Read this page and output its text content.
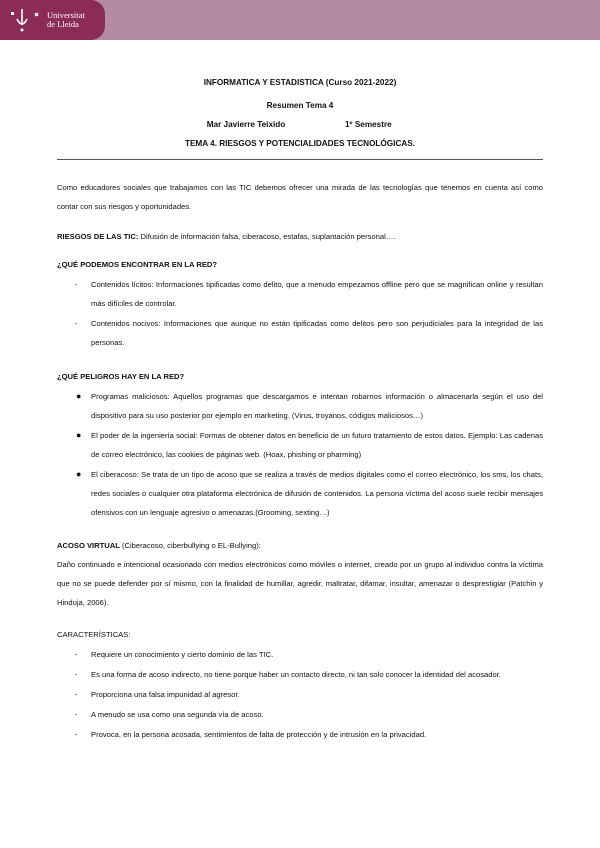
Universitat
de Lleida
INFORMATICA Y ESTADISTICA (Curso 2021-2022)
Resumen Tema 4
Mar Javierre Teixido	1º Semestre
TEMA 4. RIESGOS Y POTENCIALIDADES TECNOLÓGICAS.

Como educadores sociales que trabajamos con las TIC debemos ofrecer una mirada de las tecnologías que tenemos en cuenta así como contar con sus riesgos y oportunidades.

RIESGOS DE LAS TIC: Difusión de información falsa, ciberacoso, estafas, suplantación personal….

¿QUÉ PODEMOS ENCONTRAR EN LA RED?
- Contenidos lícitos: Informaciones tipificadas como delito, que a menudo empezamos offline pero que se magnifican online y resultan más difíciles de controlar.
- Contenidos nocivos: Informaciones que aunque no están tipificadas como delitos pero son perjudiciales para la integridad de las personas.
¿QUÉ PELIGROS HAY EN LA RED?
● Programas maliciosos: Aquellos programas que descargamos e intentan robarnos información o almacenarla según el uso del dispositivo para su uso posterior por ejemplo en marketing. (Virus, troyanos, códigos maliciosos…)
● El poder de la ingeniería social: Formas de obtener datos en beneficio de un futuro tratamiento de estos datos. Ejemplo: Las cadenas de correo electrónico, las cookies de páginas web. (Hoax, phishing or pharming)
● El ciberacoso: Se trata de un tipo de acoso que se realiza a través de medios digitales como el correo electrónico, los sms, los chats, redes sociales o cualquier otra plataforma electrónica de difusión de contenidos. La persona víctima del acoso suele recibir mensajes ofensivos con un lenguaje agresivo o amenazas.(Grooming, sexting…)

ACOSO VIRTUAL (Ciberacoso, ciberbullying o EL-Bullying):

Daño continuado e intencional ocasionado con medios electrónicos como móviles o internet, creado por un grupo al individuo contra la víctima que no se puede defender por sí mismo, con la finalidad de humillar, agredir, maltratar, difamar, insultar, amenazar o desprestigiar (Patchin y Hinduja, 2006).

CARACTERÍSTICAS:
- Requiere un conocimiento y cierto dominio de las TIC.
- Es una forma de acoso indirecto, no tiene porque haber un contacto directo, ni tan solo conocer la identidad del acosador.
- Proporciona una falsa impunidad al agresor.
- A menudo se usa como una segunda vía de acoso.
- Provoca, en la persona acosada, sentimientos de falta de protección y de intrusión en la privacidad.
